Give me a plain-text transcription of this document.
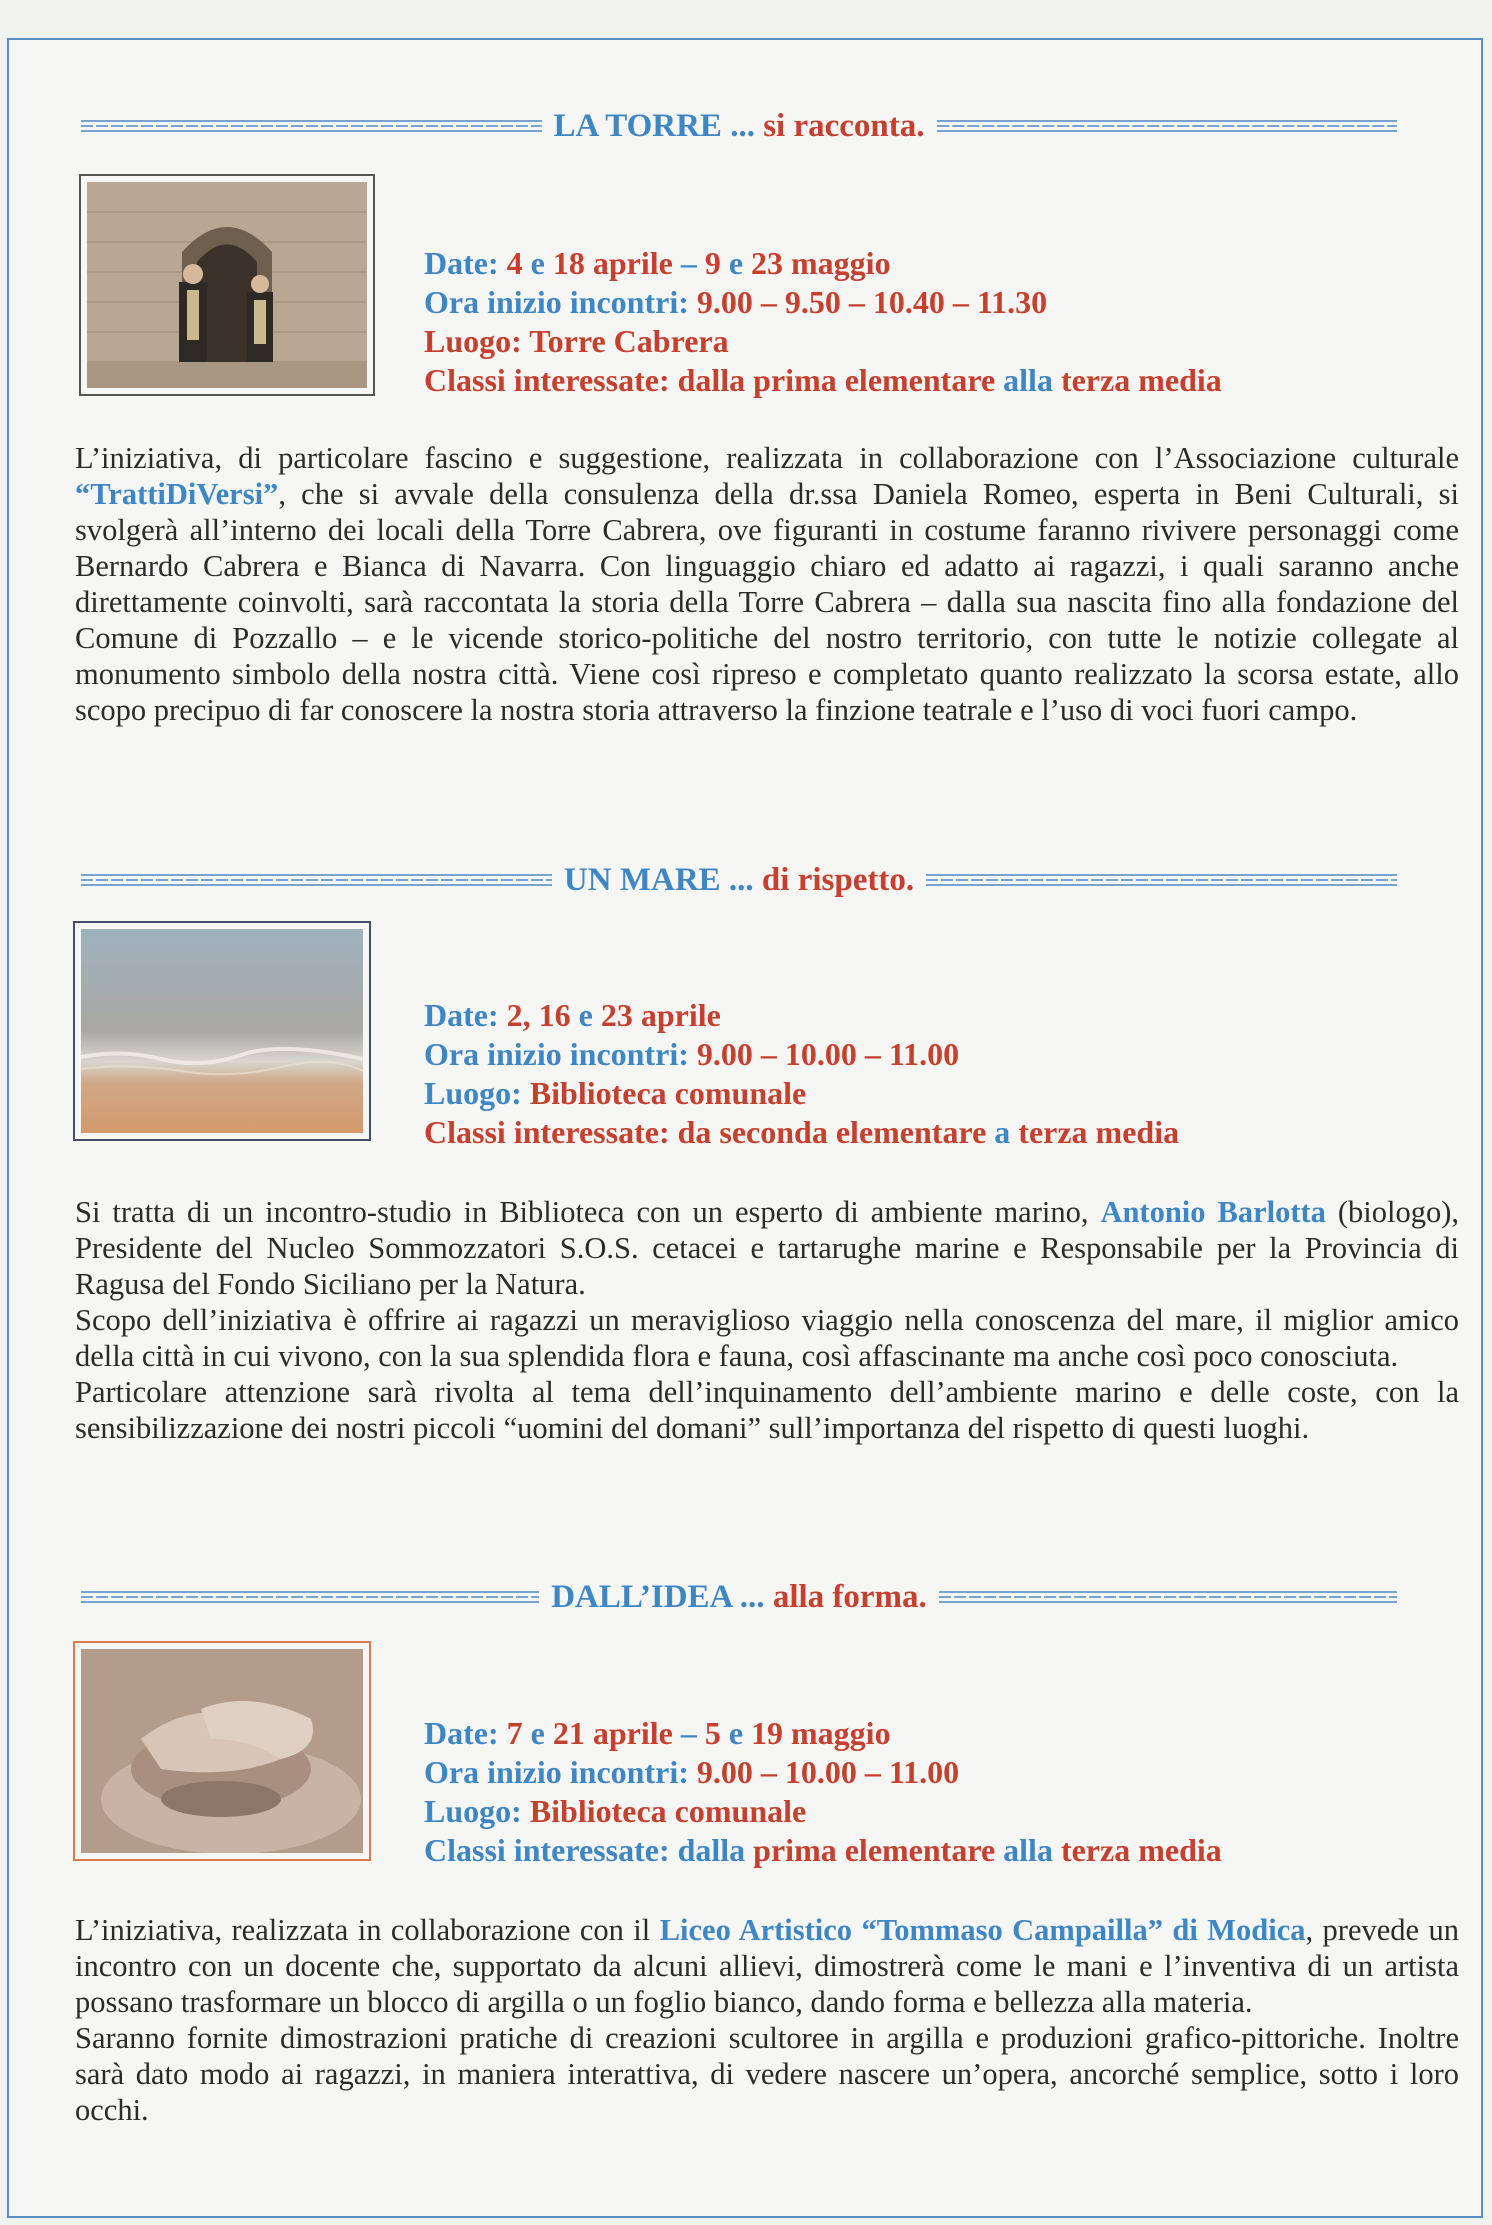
LA TORRE ...
si racconta.
Date: 4 e 18 aprile – 9 e 23 maggio
Ora inizio incontri: 9.00 – 9.50 – 10.40 – 11.30
Luogo: Torre Cabrera
Classi interessate: dalla prima elementare alla terza media

L’iniziativa, di particolare fascino e suggestione, realizzata in collaborazione con l’Associazione culturale “TrattiDiVersi”, che si avvale della consulenza della dr.ssa Daniela Romeo, esperta in Beni Culturali, si svolgerà all’interno dei locali della Torre Cabrera, ove figuranti in costume faranno rivivere personaggi come Bernardo Cabrera e Bianca di Navarra. Con linguaggio chiaro ed adatto ai ragazzi, i quali saranno anche direttamente coinvolti, sarà raccontata la storia della Torre Cabrera – dalla sua nascita fino alla fondazione del Comune di Pozzallo – e le vicende storico-politiche del nostro territorio, con tutte le notizie collegate al monumento simbolo della nostra città. Viene così ripreso e completato quanto realizzato la scorsa estate, allo scopo precipuo di far conoscere la nostra storia attraverso la finzione teatrale e l’uso di voci fuori campo.

UN MARE ...
di rispetto.
Date: 2, 16 e 23 aprile
Ora inizio incontri: 9.00 – 10.00 – 11.00
Luogo: Biblioteca comunale
Classi interessate: da seconda elementare a terza media

Si tratta di un incontro-studio in Biblioteca con un esperto di ambiente marino, Antonio Barlotta (biologo), Presidente del Nucleo Sommozzatori S.O.S. cetacei e tartarughe marine e Responsabile per la Provincia di Ragusa del Fondo Siciliano per la Natura.

Scopo dell’iniziativa è offrire ai ragazzi un meraviglioso viaggio nella conoscenza del mare, il miglior amico della città in cui vivono, con la sua splendida flora e fauna, così affascinante ma anche così poco conosciuta.

Particolare attenzione sarà rivolta al tema dell’inquinamento dell’ambiente marino e delle coste, con la sensibilizzazione dei nostri piccoli “uomini del domani” sull’importanza del rispetto di questi luoghi.

DALL’IDEA ...
alla forma.
Date: 7 e 21 aprile – 5 e 19 maggio
Ora inizio incontri: 9.00 – 10.00 – 11.00
Luogo: Biblioteca comunale
Classi interessate: dalla prima elementare alla terza media

L’iniziativa, realizzata in collaborazione con il Liceo Artistico “Tommaso Campailla” di Modica, prevede un incontro con un docente che, supportato da alcuni allievi, dimostrerà come le mani e l’inventiva di un artista possano trasformare un blocco di argilla o un foglio bianco, dando forma e bellezza alla materia.

Saranno fornite dimostrazioni pratiche di creazioni scultoree in argilla e produzioni grafico-pittoriche. Inoltre sarà dato modo ai ragazzi, in maniera interattiva, di vedere nascere un’opera, ancorché semplice, sotto i loro occhi.
